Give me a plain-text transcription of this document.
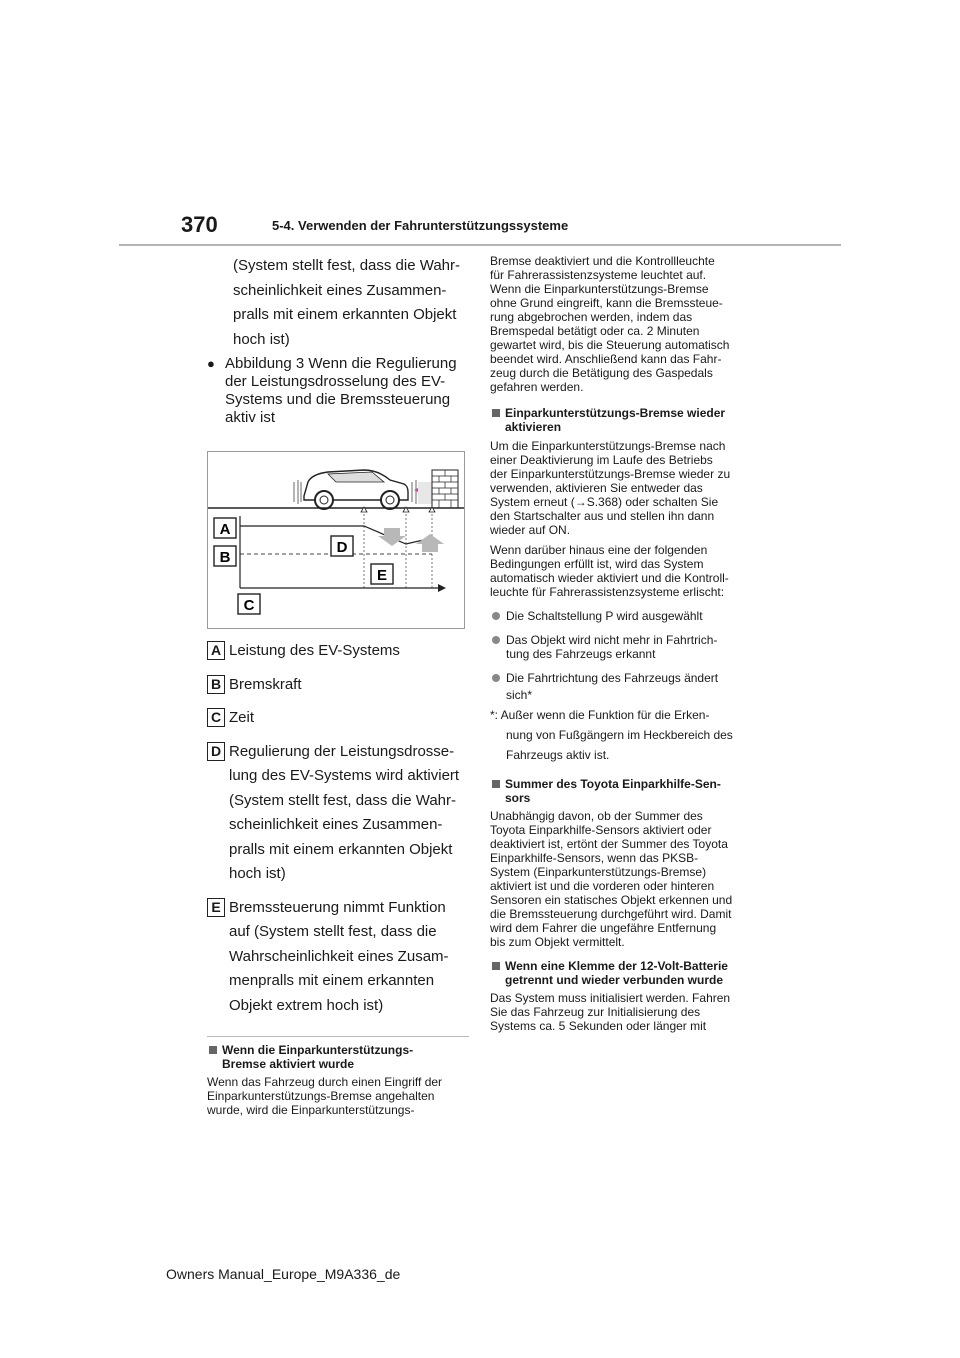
370	5-4. Verwenden der Fahrunterstützungssysteme
(System stellt fest, dass die Wahr-
scheinlichkeit eines Zusammen-
pralls mit einem erkannten Objekt
hoch ist)
● Abbildung 3 Wenn die Regulierung
der Leistungsdrosselung des EV-
Systems und die Bremssteuerung
aktiv ist
A
B
C
D
E
A Leistung des EV-Systems
B Bremskraft
C Zeit
D Regulierung der Leistungsdrosse-
lung des EV-Systems wird aktiviert
(System stellt fest, dass die Wahr-
scheinlichkeit eines Zusammen-
pralls mit einem erkannten Objekt
hoch ist)
E Bremssteuerung nimmt Funktion
auf (System stellt fest, dass die
Wahrscheinlichkeit eines Zusam-
menpralls mit einem erkannten
Objekt extrem hoch ist)
Wenn die Einparkunterstützungs-
Bremse aktiviert wurde
Wenn das Fahrzeug durch einen Eingriff der
Einparkunterstützungs-Bremse angehalten
wurde, wird die Einparkunterstützungs-
Bremse deaktiviert und die Kontrollleuchte
für Fahrerassistenzsysteme leuchtet auf.
Wenn die Einparkunterstützungs-Bremse
ohne Grund eingreift, kann die Bremssteue-
rung abgebrochen werden, indem das
Bremspedal betätigt oder ca. 2 Minuten
gewartet wird, bis die Steuerung automatisch
beendet wird. Anschließend kann das Fahr-
zeug durch die Betätigung des Gaspedals
gefahren werden.
Einparkunterstützungs-Bremse wieder
aktivieren
Um die Einparkunterstützungs-Bremse nach
einer Deaktivierung im Laufe des Betriebs
der Einparkunterstützungs-Bremse wieder zu
verwenden, aktivieren Sie entweder das
System erneut (→S.368) oder schalten Sie
den Startschalter aus und stellen ihn dann
wieder auf ON.
Wenn darüber hinaus eine der folgenden
Bedingungen erfüllt ist, wird das System
automatisch wieder aktiviert und die Kontroll-
leuchte für Fahrerassistenzsysteme erlischt:
Die Schaltstellung P wird ausgewählt
Das Objekt wird nicht mehr in Fahrtrich-
tung des Fahrzeugs erkannt
Die Fahrtrichtung des Fahrzeugs ändert
sich*
*: Außer wenn die Funktion für die Erken-
nung von Fußgängern im Heckbereich des
Fahrzeugs aktiv ist.
Summer des Toyota Einparkhilfe-Sen-
sors
Unabhängig davon, ob der Summer des
Toyota Einparkhilfe-Sensors aktiviert oder
deaktiviert ist, ertönt der Summer des Toyota
Einparkhilfe-Sensors, wenn das PKSB-
System (Einparkunterstützungs-Bremse)
aktiviert ist und die vorderen oder hinteren
Sensoren ein statisches Objekt erkennen und
die Bremssteuerung durchgeführt wird. Damit
wird dem Fahrer die ungefähre Entfernung
bis zum Objekt vermittelt.
Wenn eine Klemme der 12-Volt-Batterie
getrennt und wieder verbunden wurde
Das System muss initialisiert werden. Fahren
Sie das Fahrzeug zur Initialisierung des
Systems ca. 5 Sekunden oder länger mit
Owners Manual_Europe_M9A336_de
